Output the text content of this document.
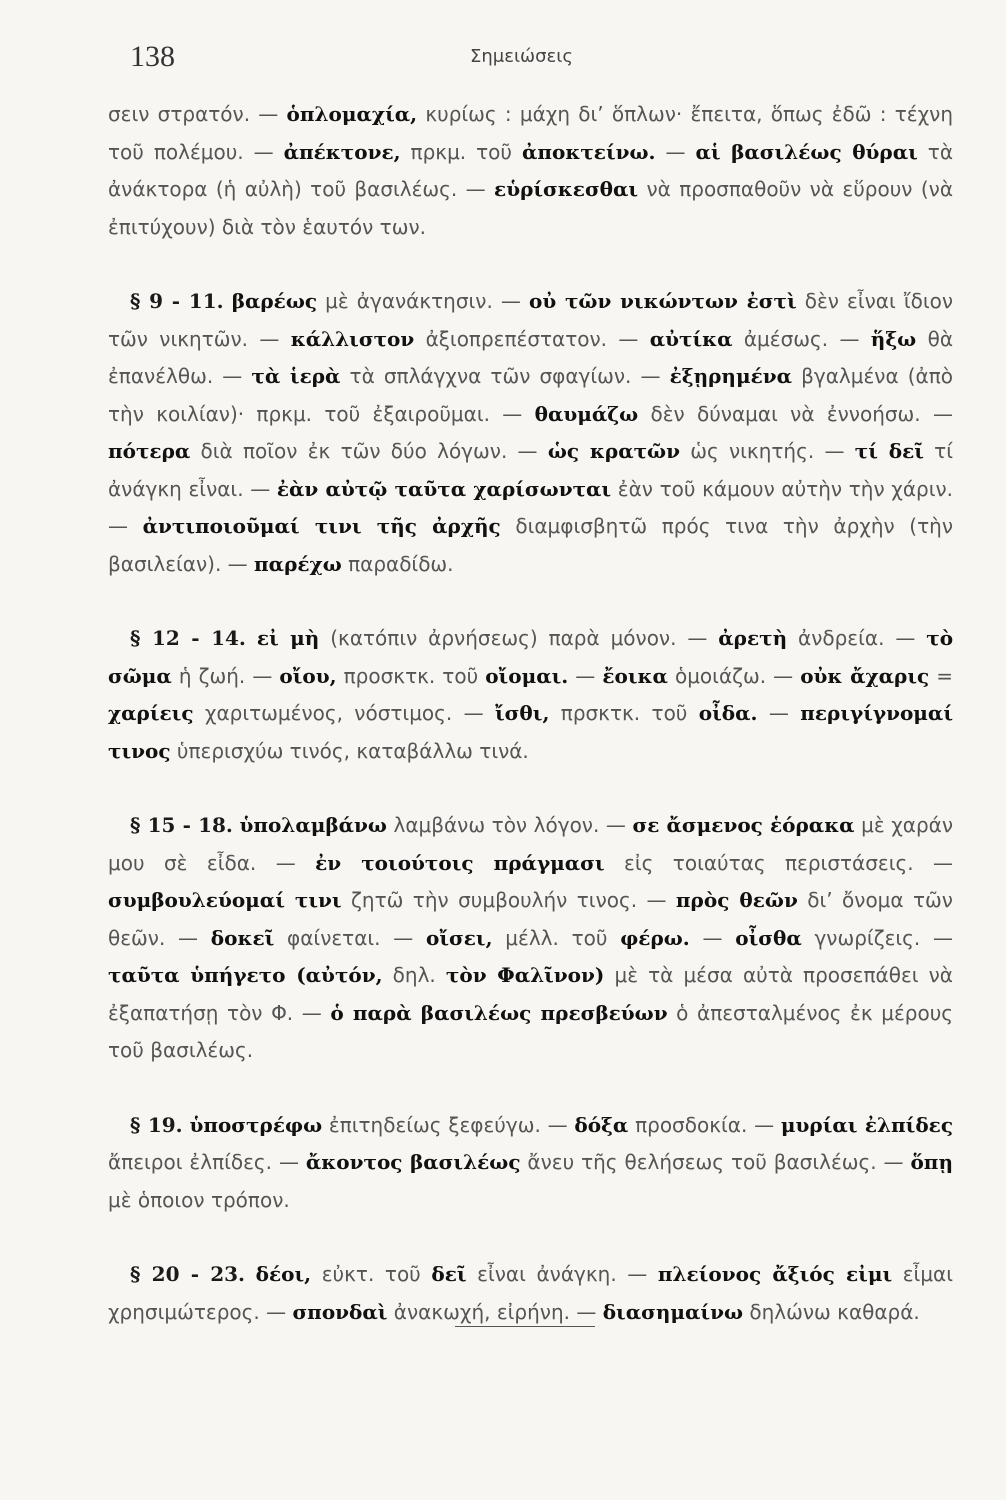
138	Σημειώσεις

σειν στρατόν. — ὁπλομαχία, κυρίως : μάχη δι’ ὅπλων· ἔπειτα, ὅπως ἐδῶ : τέχνη τοῦ πολέμου. — ἀπέκτονε, πρκμ. τοῦ ἀποκτείνω. — αἱ βασιλέως θύραι τὰ ἀνάκτορα (ἡ αὐλὴ) τοῦ βασιλέως. — εὑρίσκεσθαι νὰ προσπαθοῦν νὰ εὕρουν (νὰ ἐπιτύχουν) διὰ τὸν ἑαυτόν των.

§ 9 - 11. βαρέως μὲ ἀγανάκτησιν. — οὐ τῶν νικώντων ἐστὶ δὲν εἶναι ἴδιον τῶν νικητῶν. — κάλλιστον ἀξιοπρεπέστατον. — αὐτίκα ἀμέσως. — ἥξω θὰ ἐπανέλθω. — τὰ ἱερὰ τὰ σπλάγχνα τῶν σφαγίων. — ἐξῃρημένα βγαλμένα (ἀπὸ τὴν κοιλίαν)· πρκμ. τοῦ ἐξαιροῦμαι. — θαυμάζω δὲν δύναμαι νὰ ἐννοήσω. — πότερα διὰ ποῖον ἐκ τῶν δύο λόγων. — ὡς κρατῶν ὡς νικητής. — τί δεῖ τί ἀνάγκη εἶναι. — ἐὰν αὐτῷ ταῦτα χαρίσωνται ἐὰν τοῦ κάμουν αὐτὴν τὴν χάριν. — ἀντιποιοῦμαί τινι τῆς ἀρχῆς διαμφισβητῶ πρός τινα τὴν ἀρχὴν (τὴν βασιλείαν). — παρέχω παραδίδω.

§ 12 - 14. εἰ μὴ (κατόπιν ἀρνήσεως) παρὰ μόνον. — ἀρετὴ ἀνδρεία. — τὸ σῶμα ἡ ζωή. — οἴου, προσκτκ. τοῦ οἴομαι. — ἔοικα ὁμοιάζω. — οὐκ ἄχαρις = χαρίεις χαριτωμένος, νόστιμος. — ἴσθι, πρσκτκ. τοῦ οἶδα. — περιγίγνομαί τινος ὑπερισχύω τινός, καταβάλλω τινά.

§ 15 - 18. ὑπολαμβάνω λαμβάνω τὸν λόγον. — σε ἄσμενος ἑόρακα μὲ χαράν μου σὲ εἶδα. — ἐν τοιούτοις πράγμασι εἰς τοιαύτας περιστάσεις. — συμβουλεύομαί τινι ζητῶ τὴν συμβουλήν τινος. — πρὸς θεῶν δι’ ὄνομα τῶν θεῶν. — δοκεῖ φαίνεται. — οἴσει, μέλλ. τοῦ φέρω. — οἶσθα γνωρίζεις. — ταῦτα ὑπήγετο (αὐτόν, δηλ. τὸν Φαλῖνον) μὲ τὰ μέσα αὐτὰ προσεπάθει νὰ ἐξαπατήσῃ τὸν Φ. — ὁ παρὰ βασιλέως πρεσβεύων ὁ ἀπεσταλμένος ἐκ μέρους τοῦ βασιλέως.

§ 19. ὑποστρέφω ἐπιτηδείως ξεφεύγω. — δόξα προσδοκία. — μυρίαι ἐλπίδες ἄπειροι ἐλπίδες. — ἄκοντος βασιλέως ἄνευ τῆς θελήσεως τοῦ βασιλέως. — ὅπῃ μὲ ὁποιον τρόπον.

§ 20 - 23. δέοι, εὐκτ. τοῦ δεῖ εἶναι ἀνάγκη. — πλείονος ἄξιός εἰμι εἶμαι χρησιμώτερος. — σπονδαὶ ἀνακωχή, εἰρήνη. — διασημαίνω δηλώνω καθαρά.
